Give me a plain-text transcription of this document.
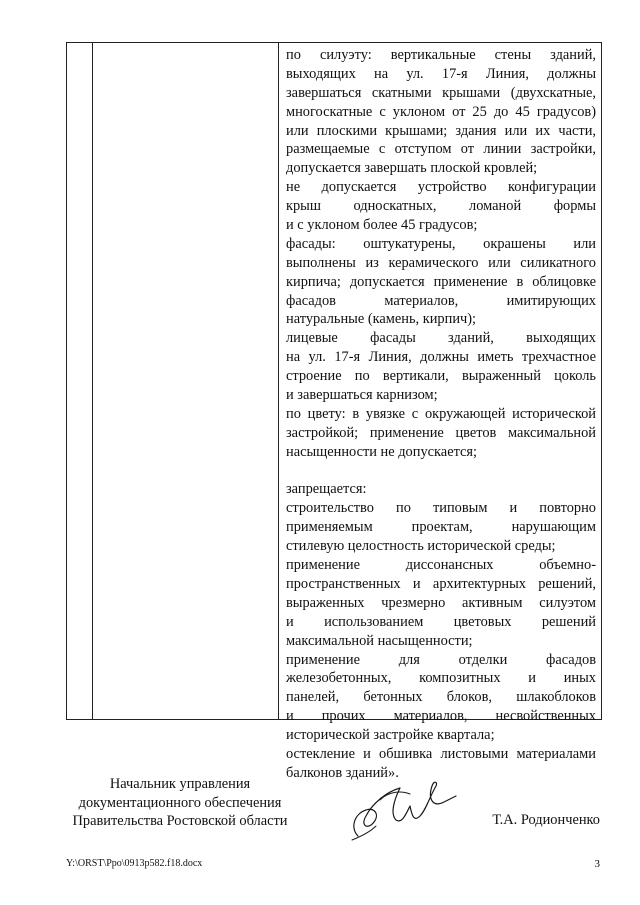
по силуэту: вертикальные стены зданий,
выходящих на ул. 17-я Линия, должны
завершаться скатными крышами (двухскатные,
многоскатные с уклоном от 25 до 45 градусов)
или плоскими крышами; здания или их части,
размещаемые с отступом от линии застройки,
допускается завершать плоской кровлей;
не допускается устройство конфигурации
крыш односкатных, ломаной формы
и с уклоном более 45 градусов;
фасады: оштукатурены, окрашены или
выполнены из керамического или силикатного
кирпича; допускается применение в облицовке
фасадов материалов, имитирующих
натуральные (камень, кирпич);
лицевые фасады зданий, выходящих
на ул. 17-я Линия, должны иметь трехчастное
строение по вертикали, выраженный цоколь
и завершаться карнизом;
по цвету: в увязке с окружающей исторической
застройкой; применение цветов максимальной
насыщенности не допускается;
запрещается:
строительство по типовым и повторно
применяемым проектам, нарушающим
стилевую целостность исторической среды;
применение диссонансных объемно-
пространственных и архитектурных решений,
выраженных чрезмерно активным силуэтом
и использованием цветовых решений
максимальной насыщенности;
применение для отделки фасадов
железобетонных, композитных и иных
панелей, бетонных блоков, шлакоблоков
и прочих материалов, несвойственных
исторической застройке квартала;
остекление и обшивка листовыми материалами
балконов зданий».
Начальник управления
документационного обеспечения
Правительства Ростовской области	Т.А. Родионченко
Y:\ORST\Ppo\0913p582.f18.docx	3
